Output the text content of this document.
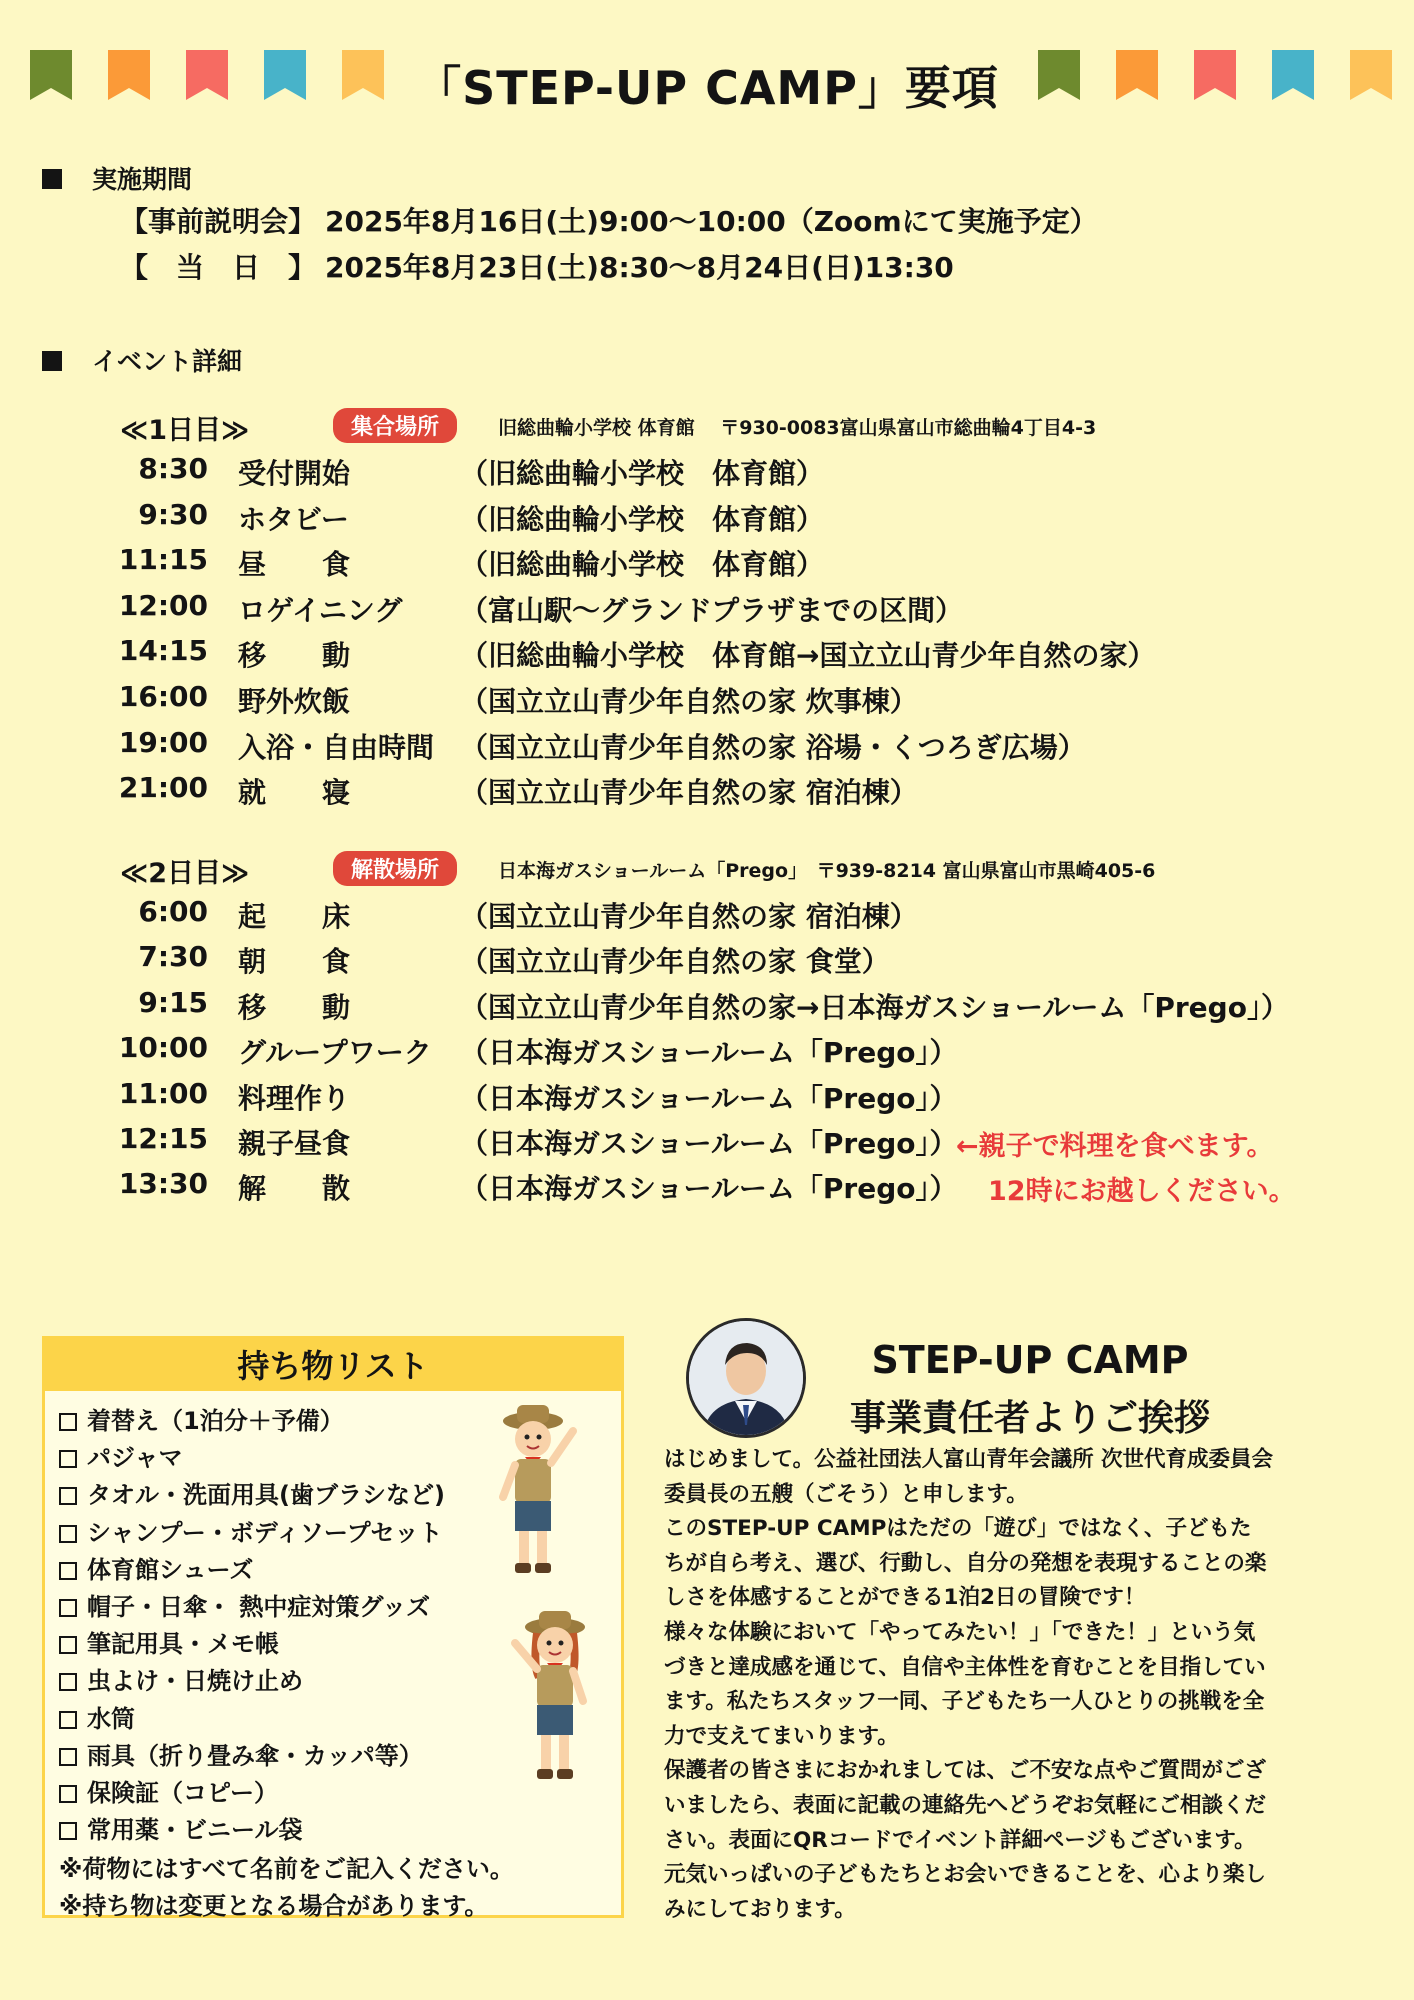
「STEP-UP CAMP」要項
実施期間
【事前説明会】 2025年8月16日(土)9:00～10:00（Zoomにて実施予定）
【　当　日　】 2025年8月23日(土)8:30～8月24日(日)13:30
イベント詳細
≪1日目≫	集合場所	旧総曲輪小学校 体育館　 〒930-0083富山県富山市総曲輪4丁目4-3
8:30 受付開始	（旧総曲輪小学校　体育館）
9:30 ホタビー	（旧総曲輪小学校　体育館）
11:15 昼　　食	（旧総曲輪小学校　体育館）
12:00 ロゲイニング （富山駅～グランドプラザまでの区間）
14:15 移　　動	（旧総曲輪小学校　体育館→国立立山青少年自然の家）
16:00 野外炊飯	（国立立山青少年自然の家 炊事棟）
19:00 入浴・自由時間 （国立立山青少年自然の家 浴場・くつろぎ広場）
21:00 就　　寝	（国立立山青少年自然の家 宿泊棟）
≪2日目≫	解散場所	日本海ガスショールーム「Prego」　〒939-8214 富山県富山市黒崎405-6
6:00 起　　床	（国立立山青少年自然の家 宿泊棟）
7:30 朝　　食	（国立立山青少年自然の家 食堂）
9:15 移　　動	（国立立山青少年自然の家→日本海ガスショールーム「Prego」）
10:00 グループワーク （日本海ガスショールーム「Prego」）
11:00 料理作り	（日本海ガスショールーム「Prego」）
12:15 親子昼食	（日本海ガスショールーム「Prego」）
13:30 解　　散	（日本海ガスショールーム「Prego」）
←親子で料理を食べます。
12時にお越しください。
持ち物リスト
着替え（1泊分＋予備）
パジャマ
タオル・洗面用具(歯ブラシなど)
シャンプー・ボディソープセット
体育館シューズ
帽子・日傘・ 熱中症対策グッズ
筆記用具・メモ帳
虫よけ・日焼け止め
水筒
雨具（折り畳み傘・カッパ等）
保険証（コピー）
常用薬・ビニール袋
※荷物にはすべて名前をご記入ください。
※持ち物は変更となる場合があります。
STEP-UP CAMP
事業責任者よりご挨拶
はじめまして。公益社団法人富山青年会議所 次世代育成委員会
委員長の五艘（ごそう）と申します。
このSTEP-UP CAMPはただの「遊び」ではなく、子どもた
ちが自ら考え、選び、行動し、自分の発想を表現することの楽
しさを体感することができる1泊2日の冒険です！
様々な体験において「やってみたい！」「できた！」という気
づきと達成感を通じて、自信や主体性を育むことを目指してい
ます。私たちスタッフ一同、子どもたち一人ひとりの挑戦を全
力で支えてまいります。
保護者の皆さまにおかれましては、ご不安な点やご質問がござ
いましたら、表面に記載の連絡先へどうぞお気軽にご相談くだ
さい。表面にQRコードでイベント詳細ページもございます。
元気いっぱいの子どもたちとお会いできることを、心より楽し
みにしております。
